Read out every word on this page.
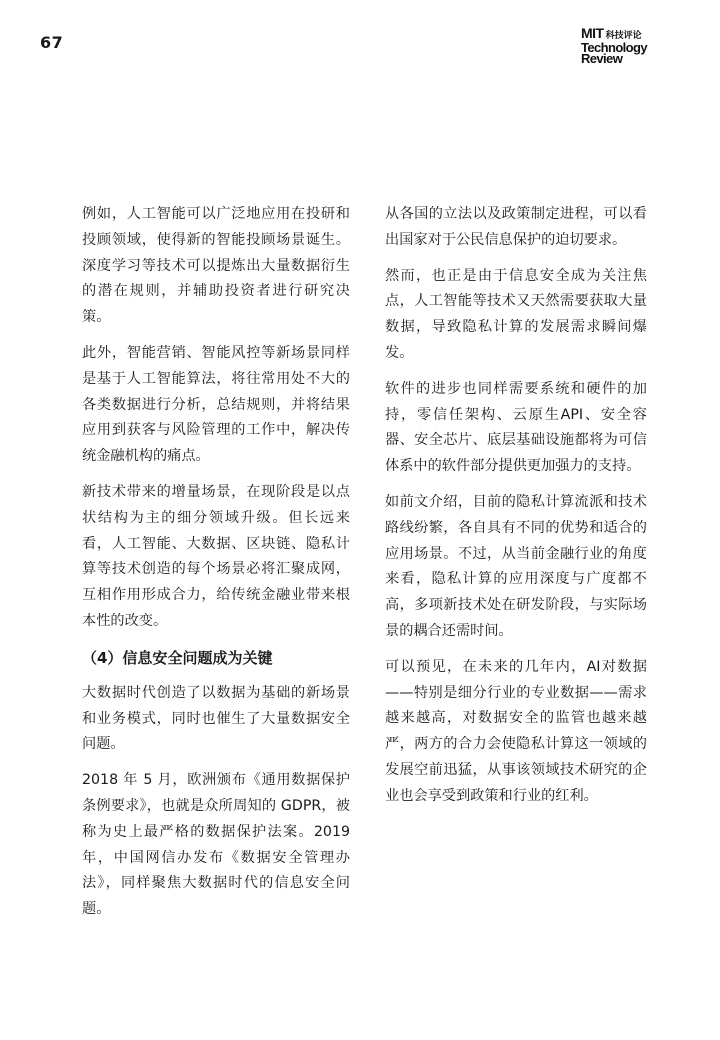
67	MIT 科技评论
Technology
Review

例如，人工智能可以广泛地应用在投研和投顾领域，使得新的智能投顾场景诞生。深度学习等技术可以提炼出大量数据衍生的潜在规则，并辅助投资者进行研究决策。

此外，智能营销、智能风控等新场景同样是基于人工智能算法，将往常用处不大的各类数据进行分析，总结规则，并将结果应用到获客与风险管理的工作中，解决传统金融机构的痛点。

新技术带来的增量场景，在现阶段是以点状结构为主的细分领域升级。但长远来看，人工智能、大数据、区块链、隐私计算等技术创造的每个场景必将汇聚成网，互相作用形成合力，给传统金融业带来根本性的改变。

（4）信息安全问题成为关键

大数据时代创造了以数据为基础的新场景和业务模式，同时也催生了大量数据安全问题。

2018 年 5 月，欧洲颁布《通用数据保护条例要求》，也就是众所周知的 GDPR，被称为史上最严格的数据保护法案。2019 年，中国网信办发布《数据安全管理办法》，同样聚焦大数据时代的信息安全问题。

从各国的立法以及政策制定进程，可以看出国家对于公民信息保护的迫切要求。

然而，也正是由于信息安全成为关注焦点，人工智能等技术又天然需要获取大量数据，导致隐私计算的发展需求瞬间爆发。

软件的进步也同样需要系统和硬件的加持，零信任架构、云原生API、安全容器、安全芯片、底层基础设施都将为可信体系中的软件部分提供更加强力的支持。

如前文介绍，目前的隐私计算流派和技术路线纷繁，各自具有不同的优势和适合的应用场景。不过，从当前金融行业的角度来看，隐私计算的应用深度与广度都不高，多项新技术处在研发阶段，与实际场景的耦合还需时间。

可以预见，在未来的几年内，AI对数据——特别是细分行业的专业数据——需求越来越高，对数据安全的监管也越来越严，两方的合力会使隐私计算这一领域的发展空前迅猛，从事该领域技术研究的企业也会享受到政策和行业的红利。
